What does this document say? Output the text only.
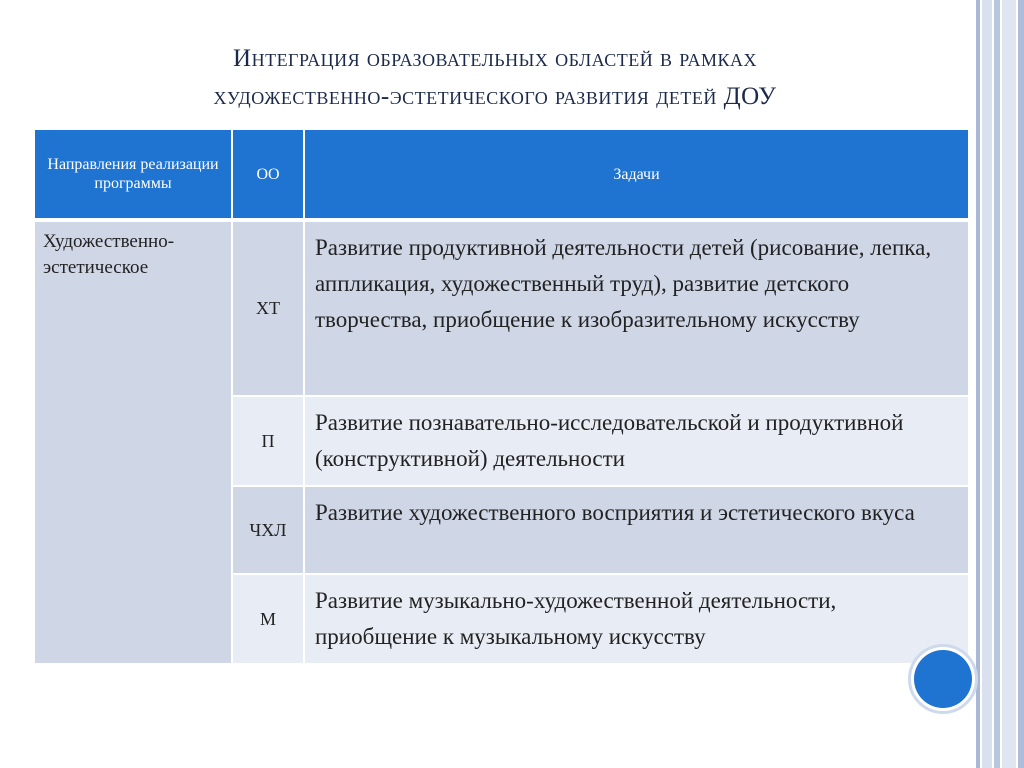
Интеграция образовательных областей в рамках
художественно-эстетического развития детей ДОУ
Направления реализации программы	ОО	Задачи
Художественно-эстетическое	ХТ	Развитие продуктивной деятельности детей (рисование, лепка, аппликация, художественный труд), развитие детского творчества, приобщение к изобразительному искусству
	П	Развитие познавательно-исследовательской и продуктивной (конструктивной) деятельности
	ЧХЛ	Развитие художественного восприятия и эстетического вкуса
	М	Развитие музыкально-художественной деятельности, приобщение к музыкальному искусству
